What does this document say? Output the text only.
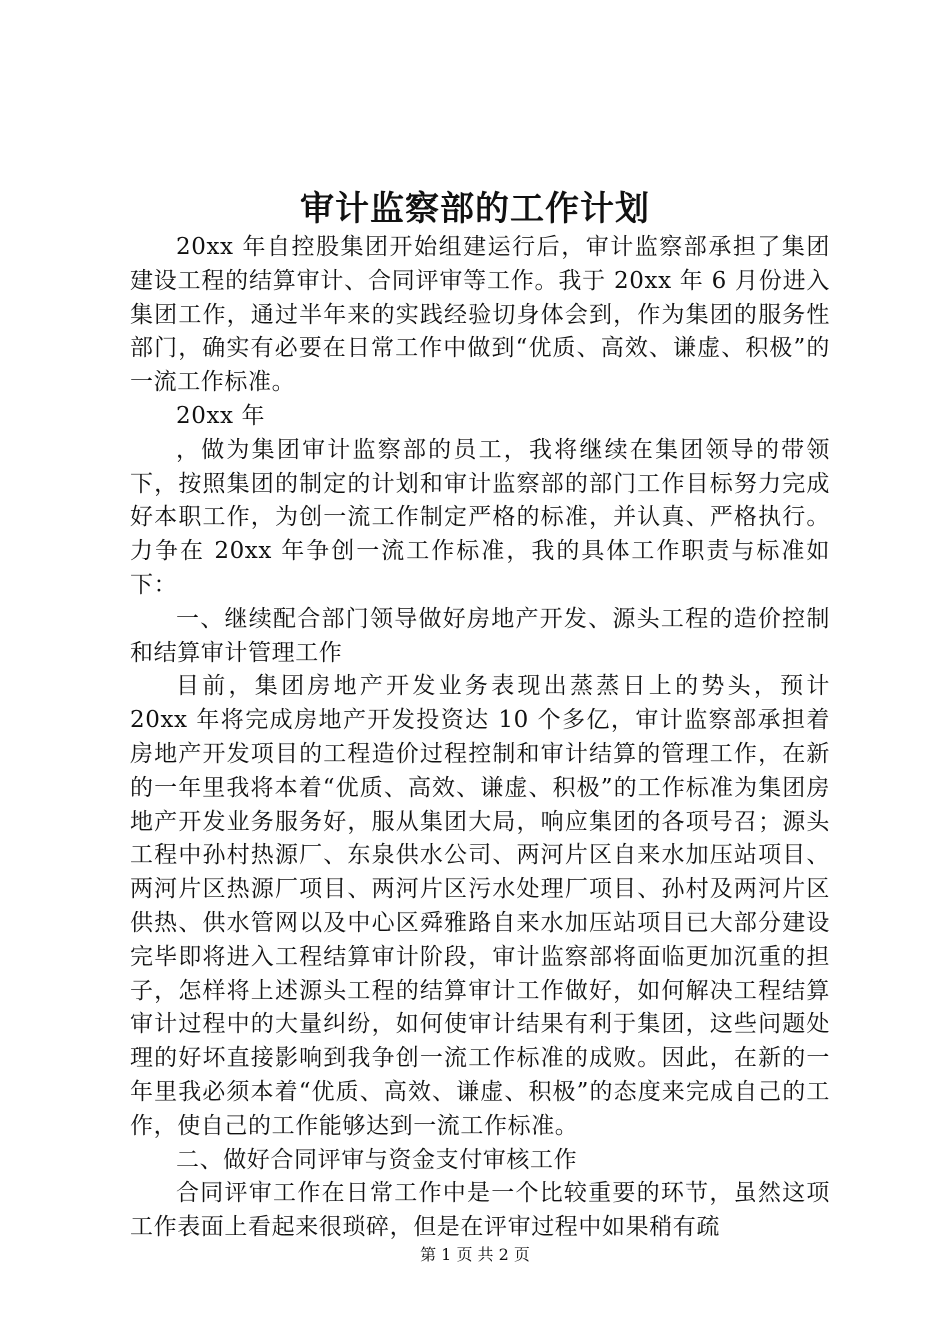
审计监察部的工作计划

20xx 年自控股集团开始组建运行后，审计监察部承担了集团建设工程的结算审计、合同评审等工作。我于 20xx 年 6 月份进入集团工作，通过半年来的实践经验切身体会到，作为集团的服务性部门，确实有必要在日常工作中做到“优质、高效、谦虚、积极”的一流工作标准。

20xx 年

，做为集团审计监察部的员工，我将继续在集团领导的带领下，按照集团的制定的计划和审计监察部的部门工作目标努力完成好本职工作，为创一流工作制定严格的标准，并认真、严格执行。力争在 20xx 年争创一流工作标准，我的具体工作职责与标准如下：

一、继续配合部门领导做好房地产开发、源头工程的造价控制和结算审计管理工作

目前，集团房地产开发业务表现出蒸蒸日上的势头，预计 20xx 年将完成房地产开发投资达 10 个多亿，审计监察部承担着房地产开发项目的工程造价过程控制和审计结算的管理工作，在新的一年里我将本着“优质、高效、谦虚、积极”的工作标准为集团房地产开发业务服务好，服从集团大局，响应集团的各项号召；源头工程中孙村热源厂、东泉供水公司、两河片区自来水加压站项目、两河片区热源厂项目、两河片区污水处理厂项目、孙村及两河片区供热、供水管网以及中心区舜雅路自来水加压站项目已大部分建设完毕即将进入工程结算审计阶段，审计监察部将面临更加沉重的担子，怎样将上述源头工程的结算审计工作做好，如何解决工程结算审计过程中的大量纠纷，如何使审计结果有利于集团，这些问题处理的好坏直接影响到我争创一流工作标准的成败。因此，在新的一年里我必须本着“优质、高效、谦虚、积极”的态度来完成自己的工作，使自己的工作能够达到一流工作标准。

二、做好合同评审与资金支付审核工作

合同评审工作在日常工作中是一个比较重要的环节，虽然这项工作表面上看起来很琐碎，但是在评审过程中如果稍有疏

第 1 页 共 2 页
